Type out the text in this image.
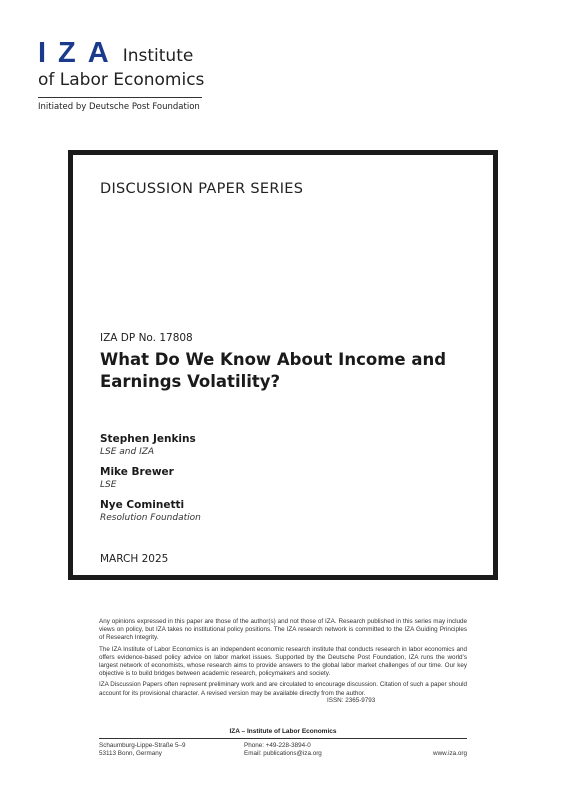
IZA Institute
of Labor Economics
Initiated by Deutsche Post Foundation
DISCUSSION PAPER SERIES
IZA DP No. 17808
What Do We Know About Income and Earnings Volatility?
Stephen Jenkins
LSE and IZA
Mike Brewer
LSE
Nye Cominetti
Resolution Foundation
MARCH 2025

Any opinions expressed in this paper are those of the author(s) and not those of IZA. Research published in this series may include views on policy, but IZA takes no institutional policy positions. The IZA research network is committed to the IZA Guiding Principles of Research Integrity.

The IZA Institute of Labor Economics is an independent economic research institute that conducts research in labor economics and offers evidence-based policy advice on labor market issues. Supported by the Deutsche Post Foundation, IZA runs the world’s largest network of economists, whose research aims to provide answers to the global labor market challenges of our time. Our key objective is to build bridges between academic research, policymakers and society.

IZA Discussion Papers often represent preliminary work and are circulated to encourage discussion. Citation of such a paper should account for its provisional character. A revised version may be available directly from the author.

ISSN: 2365-9793
IZA – Institute of Labor Economics
Schaumburg-Lippe-Straße 5–9
53113 Bonn, Germany
Phone: +49-228-3894-0
Email: publications@iza.org	www.iza.org
